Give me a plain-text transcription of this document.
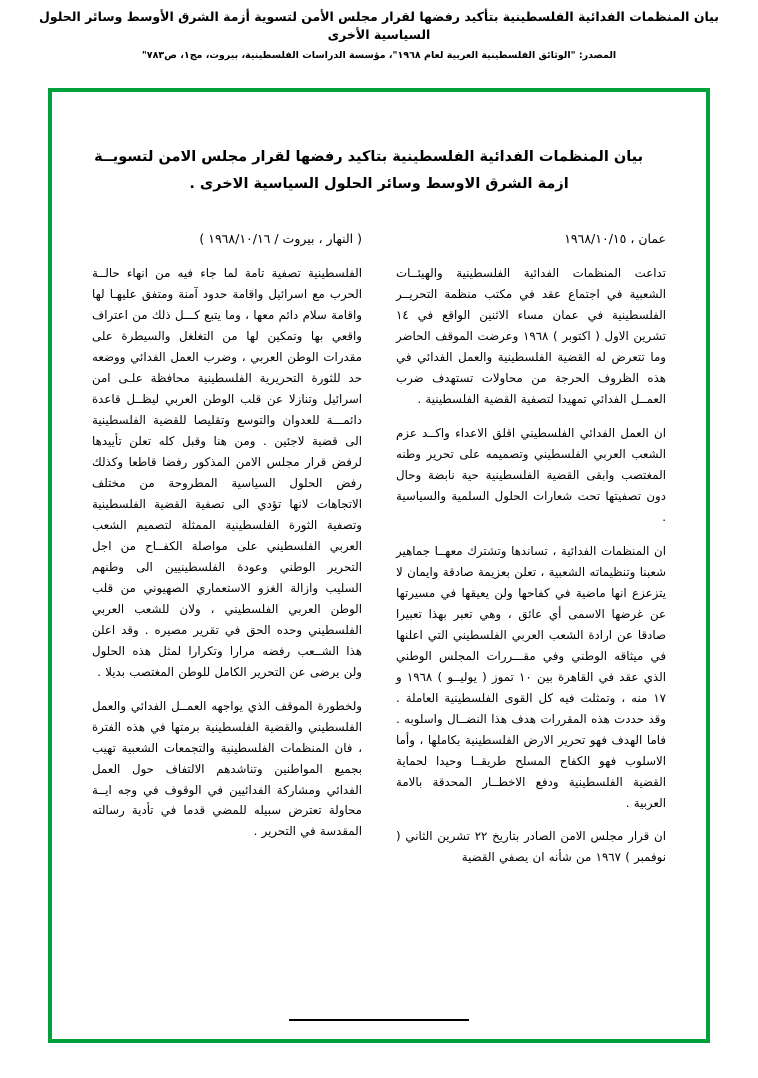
بيان المنظمات الفدائية الفلسطينية بتأكيد رفضها لقرار مجلس الأمن لتسوية أزمة الشرق الأوسط وسائر الحلول السياسية الأخرى
المصدر: "الوثائق الفلسطينية العربية لعام ١٩٦٨"، مؤسسة الدراسات الفلسطينية، بيروت، مج١، ص٧٨٣"
بيان المنظمات الفدائية الفلسطينية بتاكيد رفضها لقرار مجلس الامن لتسويــة
ازمة الشرق الاوسط وسائر الحلول السياسية الاخرى .
عمان ، ١٩٦٨/١٠/١٥

تداعت المنظمات الفدائية الفلسطينية والهيئــات الشعبية في اجتماع عقد في مكتب منظمة التحريــر الفلسطينية في عمان مساء الاثنين الواقع في ١٤ تشرين الاول ( اكتوبر ) ١٩٦٨ وعرضت الموقف الحاضر وما تتعرض له القضية الفلسطينية والعمل الفدائي في هذه الظروف الحرجة من محاولات تستهدف ضرب العمــل الفدائي تمهيدا لتصفية القضية الفلسطينية .

ان العمل الفدائي الفلسطيني اقلق الاعداء واكــد عزم الشعب العربي الفلسطيني وتصميمه على تحرير وطنه المغتصب وابقى القضية الفلسطينية حية نابضة وحال دون تصفيتها تحت شعارات الحلول السلمية والسياسية .

ان المنظمات الفدائية ، تساندها وتشترك معهــا جماهير شعبنا وتنظيماته الشعبية ، تعلن بعزيمة صادقة وايمان لا يتزعزع انها ماضية في كفاحها ولن يعيقها في مسيرتها عن غرضها الاسمى أي عائق ، وهي تعبر بهذا تعبيرا صادقا عن ارادة الشعب العربي الفلسطيني التي اعلنها في ميثاقه الوطني وفي مقـــررات المجلس الوطني الذي عقد في القاهرة بين ١٠ تموز ( يوليــو ) ١٩٦٨ و ١٧ منه ، وتمثلت فيه كل القوى الفلسطينية العاملة . وقد حددت هذه المقررات هدف هذا النضــال واسلوبه . فاما الهدف فهو تحرير الارض الفلسطينية بكاملها ، وأما الاسلوب فهو الكفاح المسلح طريقــا وحيدا لحماية القضية الفلسطينية ودفع الاخطــار المحدقة بالامة العربية .

ان قرار مجلس الامن الصادر بتاريخ ٢٢ تشرين الثاني ( نوفمبر ) ١٩٦٧ من شأنه ان يصفي القضية

( النهار ، بيروت / ١٩٦٨/١٠/١٦ )

الفلسطينية تصفية تامة لما جاء فيه من انهاء حالــة الحرب مع اسرائيل واقامة حدود آمنة ومتفق عليهـا لها واقامة سلام دائم معها ، وما يتبع كـــل ذلك من اعتراف واقعي بها وتمكين لها من التغلغل والسيطرة على مقدرات الوطن العربي ، وضرب العمل الفدائي ووضعه حد للثورة التحريرية الفلسطينية محافظة علـى امن اسرائيل وتنازلا عن قلب الوطن العربي ليظــل قاعدة دائمـــة للعدوان والتوسع وتقليصا للقضية الفلسطينية الى قضية لاجئين . ومن هنا وقبل كله تعلن تأييدها لرفض قرار مجلس الامن المذكور رفضا قاطعا وكذلك رفض الحلول السياسية المطروحة من مختلف الاتجاهات لانها تؤدي الى تصفية القضية الفلسطينية وتصفية الثورة الفلسطينية الممثلة لتصميم الشعب العربي الفلسطيني على مواصلة الكفــاح من اجل التحرير الوطني وعودة الفلسطينيين الى وطنهم السليب وازالة الغزو الاستعماري الصهيوني من قلب الوطن العربي الفلسطيني ، ولان للشعب العربي الفلسطيني وحده الحق في تقرير مصيره . وقد اعلن هذا الشــعب رفضه مرارا وتكرارا لمثل هذه الحلول ولن يرضى عن التحرير الكامل للوطن المغتصب بديلا .

ولخطورة الموقف الذي يواجهه العمــل الفدائي والعمل الفلسطيني والقضية الفلسطينية برمتها في هذه الفترة ، فان المنظمات الفلسطينية والتجمعات الشعبية تهيب بجميع المواطنين وتناشدهم الالتفاف حول العمل الفدائي ومشاركة الفدائيين في الوقوف في وجه ايــة محاولة تعترض سبيله للمضي قدما في تأدية رسالته المقدسة في التحرير .
